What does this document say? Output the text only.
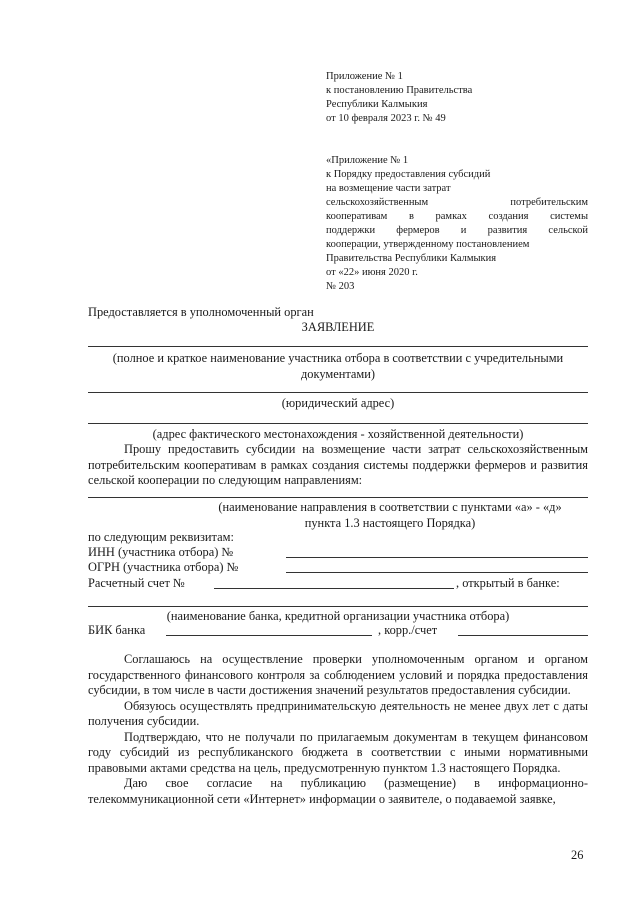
Приложение № 1
к постановлению Правительства
Республики Калмыкия
от 10 февраля 2023 г. № 49
«Приложение № 1
к Порядку предоставления субсидий
на возмещение части затрат
сельскохозяйственным потребительским
кооперативам в рамках создания системы
поддержки фермеров и развития сельской
кооперации, утвержденному постановлением
Правительства Республики Калмыкия
от «22» июня 2020 г.
№ 203
Предоставляется в уполномоченный орган
ЗАЯВЛЕНИЕ
(полное и краткое наименование участника отбора в соответствии с учредительными документами)
(юридический адрес)
(адрес фактического местонахождения - хозяйственной деятельности)
Прошу предоставить субсидии на возмещение части затрат сельскохозяйственным потребительским кооперативам в рамках создания системы поддержки фермеров и развития сельской кооперации по следующим направлениям:
(наименование направления в соответствии с пунктами «а» - «д» пункта 1.3 настоящего Порядка)
по следующим реквизитам:
ИНН (участника отбора) №
ОГРН (участника отбора) №
Расчетный счет №	, открытый в банке:
(наименование банка, кредитной организации участника отбора)
БИК банка	, корр./счет
Соглашаюсь на осуществление проверки уполномоченным органом и органом государственного финансового контроля за соблюдением условий и порядка предоставления субсидии, в том числе в части достижения значений результатов предоставления субсидии.
Обязуюсь осуществлять предпринимательскую деятельность не менее двух лет с даты получения субсидии.
Подтверждаю, что не получали по прилагаемым документам в текущем финансовом году субсидий из республиканского бюджета в соответствии с иными нормативными правовыми актами средства на цель, предусмотренную пунктом 1.3 настоящего Порядка.
Даю свое согласие на публикацию (размещение) в информационно-телекоммуникационной сети «Интернет» информации о заявителе, о подаваемой заявке,
26
